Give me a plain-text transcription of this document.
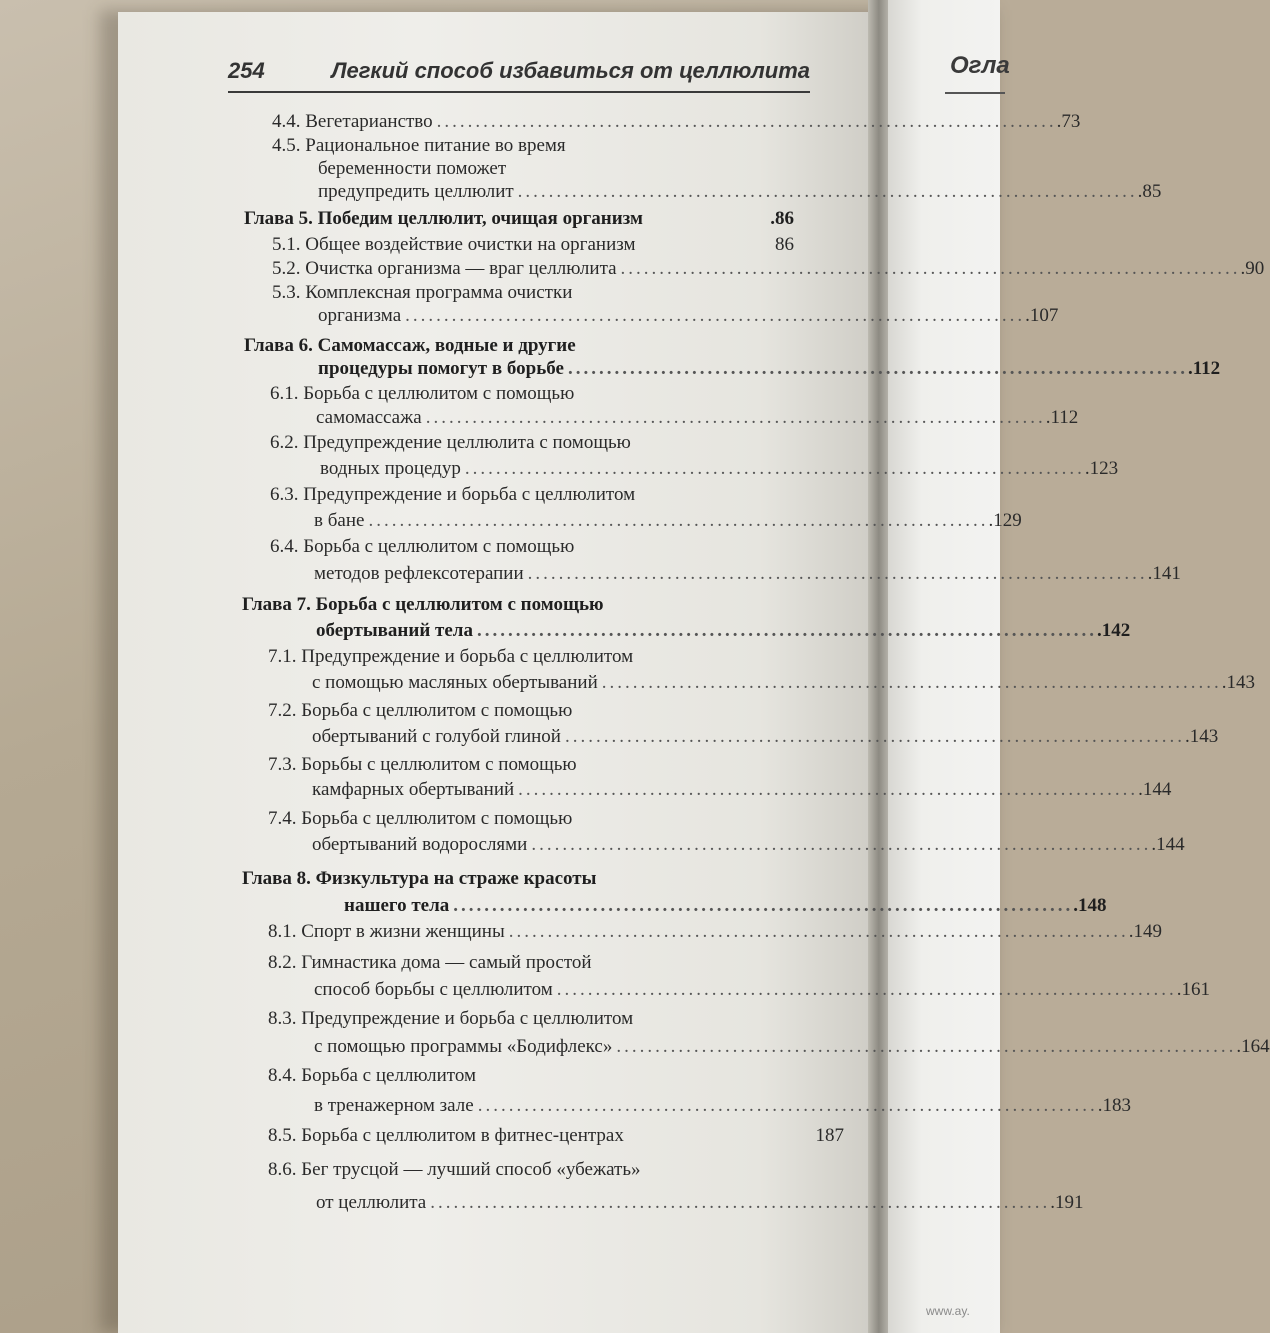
Огла
www.ay.
254	Легкий способ избавиться от целлюлита
4.4. Вегетарианство ................................................................................ .73
4.5. Рациональное питание во время
беременности поможет
предупредить целлюлит ................................................................................ .85
Глава 5. Победим целлюлит, очищая организм	.86
5.1. Общее воздействие очистки на организм	86
5.2. Очистка организма — враг целлюлита ................................................................................ .90
5.3. Комплексная программа очистки
организма ................................................................................ .107
Глава 6. Самомассаж, водные и другие
процедуры помогут в борьбе ................................................................................ .112
6.1. Борьба с целлюлитом с помощью
самомассажа ................................................................................ .112
6.2. Предупреждение целлюлита с помощью
водных процедур ................................................................................ .123
6.3. Предупреждение и борьба с целлюлитом
в бане ................................................................................ .129
6.4. Борьба с целлюлитом с помощью
методов рефлексотерапии ................................................................................ .141
Глава 7. Борьба с целлюлитом с помощью
обертываний тела ................................................................................ .142
7.1. Предупреждение и борьба с целлюлитом
с помощью масляных обертываний ................................................................................ .143
7.2. Борьба с целлюлитом с помощью
обертываний с голубой глиной ................................................................................ .143
7.3. Борьбы с целлюлитом с помощью
камфарных обертываний ................................................................................ .144
7.4. Борьба с целлюлитом с помощью
обертываний водорослями ................................................................................ .144
Глава 8. Физкультура на страже красоты
нашего тела ................................................................................ .148
8.1. Спорт в жизни женщины ................................................................................ .149
8.2. Гимнастика дома — самый простой
способ борьбы с целлюлитом ................................................................................ .161
8.3. Предупреждение и борьба с целлюлитом
с помощью программы «Бодифлекс» ................................................................................ .164
8.4. Борьба с целлюлитом
в тренажерном зале ................................................................................ .183
8.5. Борьба с целлюлитом в фитнес-центрах	187
8.6. Бег трусцой — лучший способ «убежать»
от целлюлита ................................................................................ .191
